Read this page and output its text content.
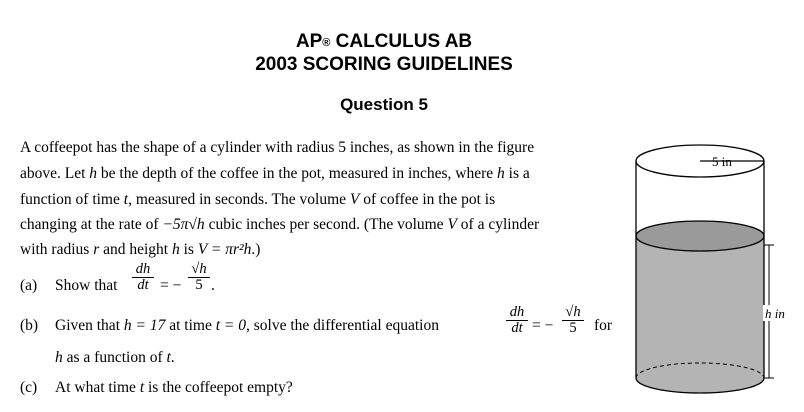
AP® CALCULUS AB
2003 SCORING GUIDELINES
Question 5
A coffeepot has the shape of a cylinder with radius 5 inches, as shown in the figure
above. Let h be the depth of the coffee in the pot, measured in inches, where h is a
function of time t, measured in seconds. The volume V of coffee in the pot is
changing at the rate of −5π√h cubic inches per second. (The volume V of a cylinder
with radius r and height h is V = πr²h.)
(a) Show that
dh
dt = −
√h
5 .
(b) Given that h = 17 at time t = 0, solve the differential equation
dh
dt = −
√h
5	for
h as a function of t.
(c) At what time t is the coffeepot empty?
5 in
h in
